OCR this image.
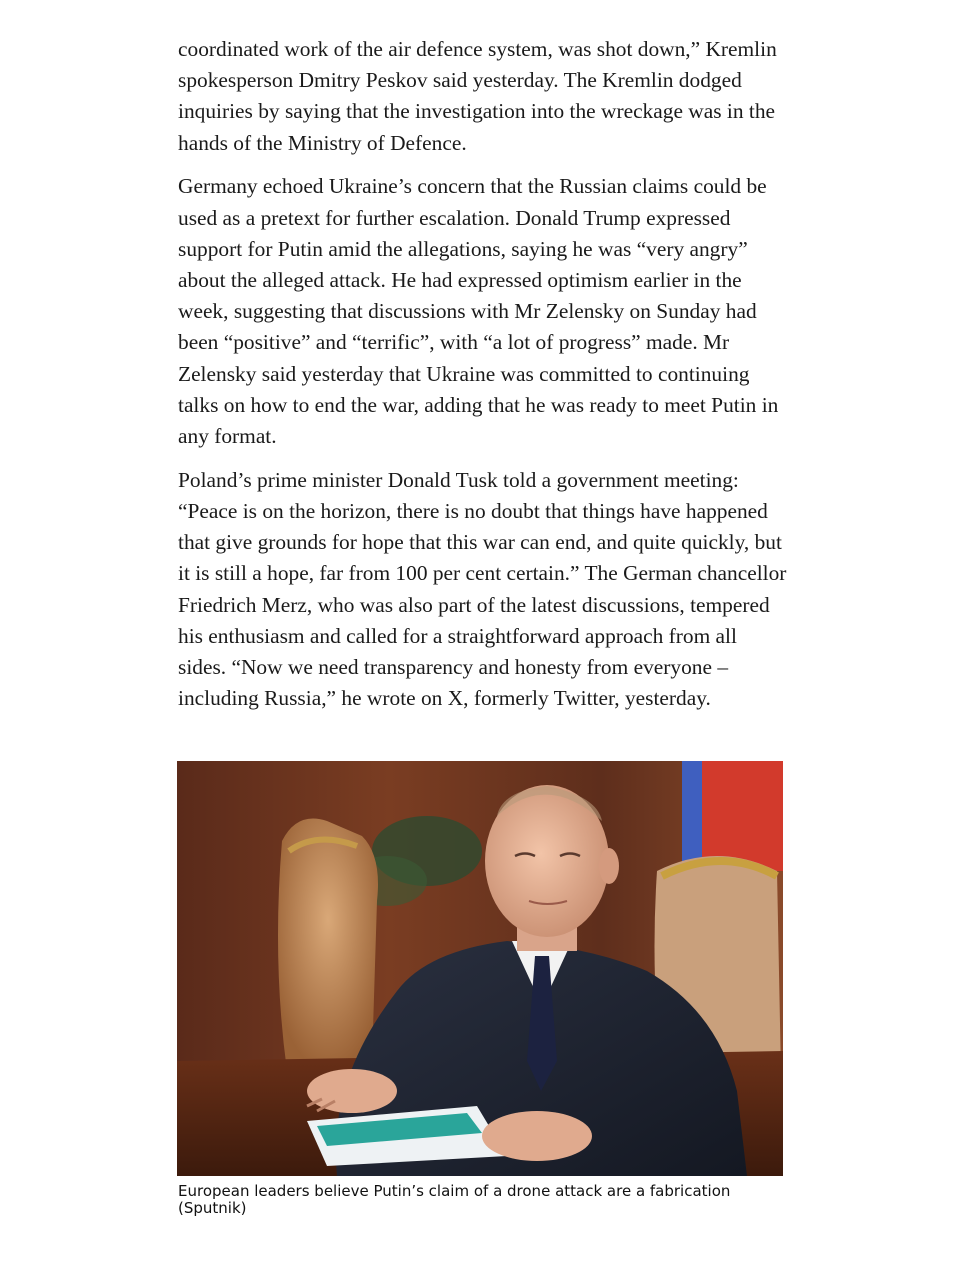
coordinated work of the air defence system, was shot down,” Kremlin spokesperson Dmitry Peskov said yesterday. The Kremlin dodged inquiries by saying that the investigation into the wreckage was in the hands of the Ministry of Defence.

Germany echoed Ukraine’s concern that the Russian claims could be used as a pretext for further escalation. Donald Trump expressed support for Putin amid the allegations, saying he was “very angry” about the alleged attack. He had expressed optimism earlier in the week, suggesting that discussions with Mr Zelensky on Sunday had been “positive” and “terrific”, with “a lot of progress” made. Mr Zelensky said yesterday that Ukraine was committed to continuing talks on how to end the war, adding that he was ready to meet Putin in any format.

Poland’s prime minister Donald Tusk told a government meeting: “Peace is on the horizon, there is no doubt that things have happened that give grounds for hope that this war can end, and quite quickly, but it is still a hope, far from 100 per cent certain.” The German chancellor Friedrich Merz, who was also part of the latest discussions, tempered his enthusiasm and called for a straightforward approach from all sides. “Now we need transparency and honesty from everyone – including Russia,” he wrote on X, formerly Twitter, yesterday.

European leaders believe Putin’s claim of a drone attack are a fabrication (Sputnik)
